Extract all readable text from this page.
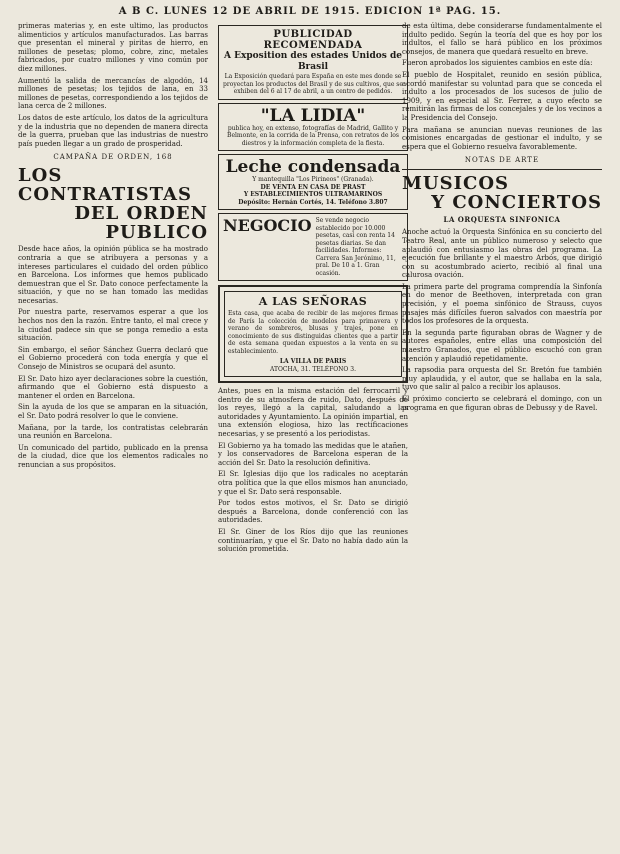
A B C. LUNES 12 DE ABRIL DE 1915. EDICION 1ª PAG. 15.

primeras materias y, en este ultimo, las productos alimenticios y artículos manufacturados. Las barras que presentan el mineral y piritas de hierro, en millones de pesetas; plomo, cobre, zinc, metales fabricados, por cuatro millones y vino común por diez millones.

Aumentó la salida de mercancías de algodón, 14 millones de pesetas; los tejidos de lana, en 33 millones de pesetas, correspondiendo a los tejidos de lana cerca de 2 millones.

Los datos de este artículo, los datos de la agricultura y de la industria que no dependen de manera directa de la guerra, prueban que las industrias de nuestro país pueden llegar a un grado de prosperidad.

CAMPAÑA DE ORDEN, 168
LOS CONTRATISTAS
DEL ORDEN PUBLICO

Desde hace años, la opinión pública se ha mostrado contraria a que se atribuyera a personas y a intereses particulares el cuidado del orden público en Barcelona. Los informes que hemos publicado demuestran que el Sr. Dato conoce perfectamente la situación, y que no se han tomado las medidas necesarias.

Por nuestra parte, reservamos esperar a que los hechos nos den la razón. Entre tanto, el mal crece y la ciudad padece sin que se ponga remedio a esta situación.

Sin embargo, el señor Sánchez Guerra declaró que el Gobierno procederá con toda energía y que el Consejo de Ministros se ocupará del asunto.

El Sr. Dato hizo ayer declaraciones sobre la cuestión, afirmando que el Gobierno está dispuesto a mantener el orden en Barcelona.

Sin la ayuda de los que se amparan en la situación, el Sr. Dato podrá resolver lo que le conviene.

Mañana, por la tarde, los contratistas celebrarán una reunión en Barcelona.

Un comunicado del partido, publicado en la prensa de la ciudad, dice que los elementos radicales no renuncian a sus propósitos.

PUBLICIDAD RECOMENDADA
A Exposition des estades Unidos de Brasil
La Exposición quedará para España en este mes donde se proyectan los productos del Brasil y de sus cultivos, que se exhiben del 6 al 17 de abril, a un centro de pedidos.
"LA LIDIA"
publica hoy, en extenso, fotografías de Madrid, Gallito y Belmonte, en la corrida de la Prensa, con retratos de los diestros y la información completa de la fiesta.
Leche condensada
Y mantequilla "Los Pirineos" (Granada).
DE VENTA EN CASA DE PRAST
Y ESTABLECIMIENTOS ULTRAMARINOS
Depósito: Hernán Cortés, 14. Teléfono 3.807
NEGOCIO Se vende negocio establecido por 10.000 pesetas, casi con renta 14 pesetas diarias. Se dan facilidades. Informes: Carrera San Jerónimo, 11, pral. De 10 a 1. Gran ocasión.
A LAS SEÑORAS
Esta casa, que acaba de recibir de las mejores firmas de París la colección de modelos para primavera y verano de sombreros, blusas y trajes, pone en conocimiento de sus distinguidas clientes que a partir de esta semana quedan expuestos a la venta en su establecimiento.
LA VILLA DE PARIS
ATOCHA, 31. TELÉFONO 3.

Antes, pues en la misma estación del ferrocarril y dentro de su atmosfera de ruido, Dato, después de los reyes, llegó a la capital, saludando a las autoridades y Ayuntamiento. La opinión impartial, en una extensión elogiosa, hizo las rectificaciones necesarias, y se presentó a los periodistas.

El Gobierno ya ha tomado las medidas que le atañen, y los conservadores de Barcelona esperan de la acción del Sr. Dato la resolución definitiva.

El Sr. Iglesias dijo que los radicales no aceptarán otra política que la que ellos mismos han anunciado, y que el Sr. Dato será responsable.

Por todos estos motivos, el Sr. Dato se dirigió después a Barcelona, donde conferenció con las autoridades.

El Sr. Giner de los Ríos dijo que las reuniones continuarían, y que el Sr. Dato no había dado aún la solución prometida.

de esta última, debe considerarse fundamentalmente el indulto pedido. Según la teoría del que es hoy por los indultos, el fallo se hará público en los próximos consejos, de manera que quedará resuelto en breve.

Fueron aprobados los siguientes cambios en este día:

El pueblo de Hospitalet, reunido en sesión pública, acordó manifestar su voluntad para que se conceda el indulto a los procesados de los sucesos de julio de 1909, y en especial al Sr. Ferrer, a cuyo efecto se remitirán las firmas de los concejales y de los vecinos a la Presidencia del Consejo.

Para mañana se anuncian nuevas reuniones de las comisiones encargadas de gestionar el indulto, y se espera que el Gobierno resuelva favorablemente.

NOTAS DE ARTE
MUSICOS
Y CONCIERTOS
LA ORQUESTA SINFONICA

Anoche actuó la Orquesta Sinfónica en su concierto del Teatro Real, ante un público numeroso y selecto que aplaudió con entusiasmo las obras del programa. La ejecución fue brillante y el maestro Arbós, que dirigió con su acostumbrado acierto, recibió al final una calurosa ovación.

La primera parte del programa comprendía la Sinfonía en do menor de Beethoven, interpretada con gran precisión, y el poema sinfónico de Strauss, cuyos pasajes más difíciles fueron salvados con maestría por todos los profesores de la orquesta.

En la segunda parte figuraban obras de Wagner y de autores españoles, entre ellas una composición del maestro Granados, que el público escuchó con gran atención y aplaudió repetidamente.

La rapsodia para orquesta del Sr. Bretón fue también muy aplaudida, y el autor, que se hallaba en la sala, tuvo que salir al palco a recibir los aplausos.

El próximo concierto se celebrará el domingo, con un programa en que figuran obras de Debussy y de Ravel.
